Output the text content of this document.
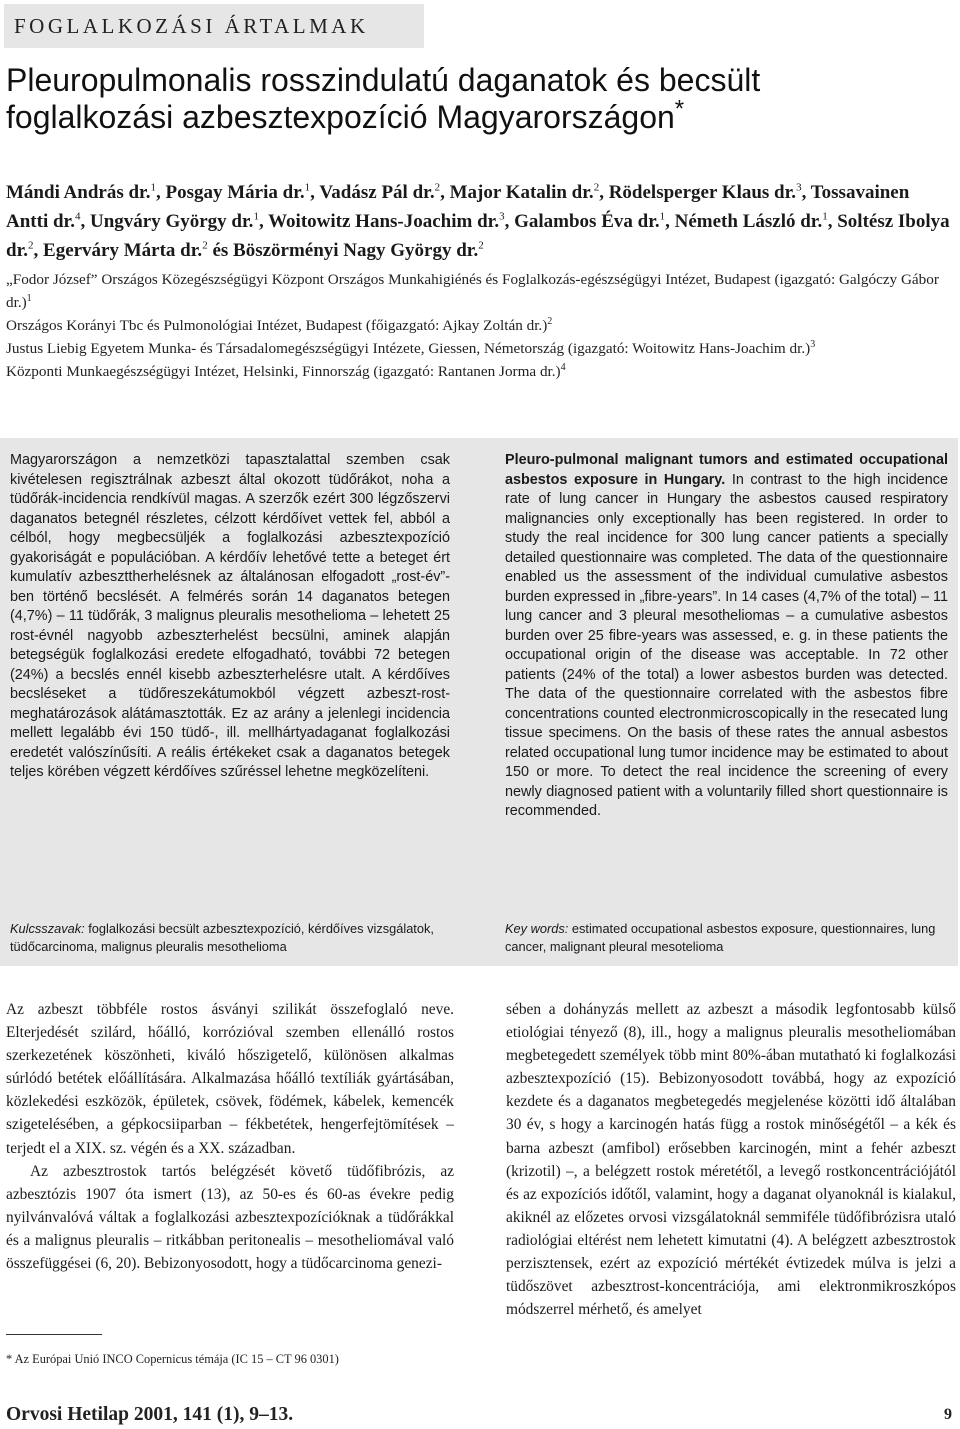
FOGLALKOZÁSI ÁRTALMAK
Pleuropulmonalis rosszindulatú daganatok és becsült
foglalkozási azbesztexpozíció Magyarországon*
Mándi András dr.$^1$, Posgay Mária dr.$^1$, Vadász Pál dr.$^2$, Major Katalin dr.$^2$, Rödelsperger Klaus dr.$^3$, Tossavainen Antti dr.$^4$, Ungváry György dr.$^1$, Woitowitz Hans-Joachim dr.$^3$, Galambos Éva dr.$^1$, Németh László dr.$^1$, Soltész Ibolya dr.$^2$, Egerváry Márta dr.$^2$ és Böszörményi Nagy György dr.$^2$

„Fodor József” Országos Közegészségügyi Központ Országos Munkahigiénés és Foglalkozás-egészségügyi Intézet, Budapest (igazgató: Galgóczy Gábor dr.)$^1$

Országos Korányi Tbc és Pulmonológiai Intézet, Budapest (főigazgató: Ajkay Zoltán dr.)$^2$

Justus Liebig Egyetem Munka- és Társadalomegészségügyi Intézete, Giessen, Németország (igazgató: Woitowitz Hans-Joachim dr.)$^3$

Központi Munkaegészségügyi Intézet, Helsinki, Finnország (igazgató: Rantanen Jorma dr.)$^4$

Magyarországon a nemzetközi tapasztalattal szemben csak kivételesen regisztrálnak azbeszt által okozott tüdőrákot, noha a tüdőrák-incidencia rendkívül magas. A szerzők ezért 300 légzőszervi daganatos betegnél részletes, célzott kérdőívet vettek fel, abból a célból, hogy megbecsüljék a foglalkozási azbesztexpozíció gyakoriságát e populációban. A kérdőív lehetővé tette a beteget ért kumulatív azbeszttherhelésnek az általánosan elfogadott „rost-év”-ben történő becslését. A felmérés során 14 daganatos betegen (4,7%) – 11 tüdőrák, 3 malignus pleuralis mesothelioma – lehetett 25 rost-évnél nagyobb azbeszterhelést becsülni, aminek alapján betegségük foglalkozási eredete elfogadható, további 72 betegen (24%) a becslés ennél kisebb azbeszterhelésre utalt. A kérdőíves becsléseket a tüdőreszekátumokból végzett azbeszt-rost-meghatározások alátámasztották. Ez az arány a jelenlegi incidencia mellett legalább évi 150 tüdő-, ill. mellhártyadaganat foglalkozási eredetét valószínűsíti. A reális értékeket csak a daganatos betegek teljes körében végzett kérdőíves szűréssel lehetne megközelíteni.
Pleuro-pulmonal malignant tumors and estimated occupational asbestos exposure in Hungary. In contrast to the high incidence rate of lung cancer in Hungary the asbestos caused respiratory malignancies only exceptionally has been registered. In order to study the real incidence for 300 lung cancer patients a specially detailed questionnaire was completed. The data of the questionnaire enabled us the assessment of the individual cumulative asbestos burden expressed in „fibre-years”. In 14 cases (4,7% of the total) – 11 lung cancer and 3 pleural mesotheliomas – a cumulative asbestos burden over 25 fibre-years was assessed, e. g. in these patients the occupational origin of the disease was acceptable. In 72 other patients (24% of the total) a lower asbestos burden was detected. The data of the questionnaire correlated with the asbestos fibre concentrations counted electronmicroscopically in the resecated lung tissue specimens. On the basis of these rates the annual asbestos related occupational lung tumor incidence may be estimated to about 150 or more. To detect the real incidence the screening of every newly diagnosed patient with a voluntarily filled short questionnaire is recommended.
Kulcsszavak: foglalkozási becsült azbesztexpozíció, kérdőíves vizsgálatok, tüdőcarcinoma, malignus pleuralis mesothelioma
Key words: estimated occupational asbestos exposure, questionnaires, lung cancer, malignant pleural mesotelioma

Az azbeszt többféle rostos ásványi szilikát összefoglaló neve. Elterjedését szilárd, hőálló, korrózióval szemben ellenálló rostos szerkezetének köszönheti, kiváló hőszigetelő, különösen alkalmas súrlódó betétek előállítására. Alkalmazása hőálló textíliák gyártásában, közlekedési eszközök, épületek, csövek, födémek, kábelek, kemencék szigetelésében, a gépkocsiiparban – fékbetétek, hengerfejtömítések – terjedt el a XIX. sz. végén és a XX. században.

Az azbesztrostok tartós belégzését követő tüdőfibrózis, az azbesztózis 1907 óta ismert (13), az 50-es és 60-as évekre pedig nyilvánvalóvá váltak a foglalkozási azbesztexpozícióknak a tüdőrákkal és a malignus pleuralis – ritkábban peritonealis – mesotheliomával való összefüggései (6, 20). Bebizonyosodott, hogy a tüdőcarcinoma genezi-

sében a dohányzás mellett az azbeszt a második legfontosabb külső etiológiai tényező (8), ill., hogy a malignus pleuralis mesotheliomában megbetegedett személyek több mint 80%-ában mutatható ki foglalkozási azbesztexpozíció (15). Bebizonyosodott továbbá, hogy az expozíció kezdete és a daganatos megbetegedés megjelenése közötti idő általában 30 év, s hogy a karcinogén hatás függ a rostok minőségétől – a kék és barna azbeszt (amfibol) erősebben karcinogén, mint a fehér azbeszt (krizotil) –, a belégzett rostok méretétől, a levegő rostkoncentrációjától és az expozíciós időtől, valamint, hogy a daganat olyanoknál is kialakul, akiknél az előzetes orvosi vizsgálatoknál semmiféle tüdőfibrózisra utaló radiológiai eltérést nem lehetett kimutatni (4). A belégzett azbesztrostok perzisztensek, ezért az expozíció mértékét évtizedek múlva is jelzi a tüdőszövet azbesztrost-koncentrációja, ami elektronmikroszkópos módszerrel mérhető, és amelyet

* Az Európai Unió INCO Copernicus témája (IC 15 – CT 96 0301)
Orvosi Hetilap 2001, 141 (1), 9–13.	9
